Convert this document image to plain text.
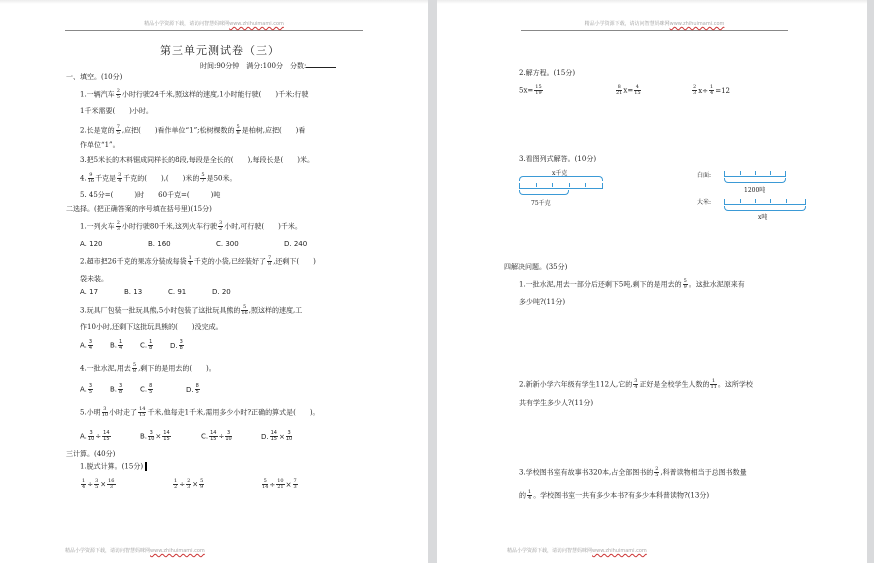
精品小学资源下载，请访问智慧妈咪网www.zhihuimami.com
第三单元测试卷（三）
时间:90分钟　满分:100分　分数:
一、填空。(10分)
1.一辆汽车 $\frac{2}{5}$ 小时行驶24千米,照这样的速度,1小时能行驶(　　)千米;行驶
1千米需要(　　)小时。
2.长是宽的 $\frac{7}{5}$ ,应把(　　)看作单位“1”;松树棵数的 $\frac{5}{8}$ 是柏树,应把(　　)看
作单位“1”。
3.把5米长的木料锯成同样长的8段,每段是全长的(　　),每段长是(　　)米。
4. $\frac{9}{16}$ 千克是 $\frac{3}{4}$ 千克的(　　),(　　)米的 $\frac{5}{7}$ 是50米。
5. 45分=(　　　)时　　60千克=(　　　)吨
二选择。(把正确答案的序号填在括号里)(15分)
1.一列火车 $\frac{2}{3}$ 小时行驶80千米,这列火车行驶 $\frac{3}{2}$ 小时,可行驶(　　)千米。
A. 120	B. 160	C. 300	D. 240
2.超市把26千克的果冻分装成每袋 $\frac{1}{4}$ 千克的小袋,已经装好了 $\frac{7}{8}$ ,还剩下(　　)
袋未装。
A. 17	B. 13	C. 91	D. 20
3.玩具厂包装一批玩具熊,5小时包装了这批玩具熊的 $\frac{5}{16}$ ,照这样的速度,工
作10小时,还剩下这批玩具熊的(　　)没完成。
A. $\frac{3}{4} B$. $\frac{1}{4} C$. $\frac{1}{8} D$. $\frac{3}{8}$
4.一批水泥,用去 $\frac{5}{8}$ ,剩下的是用去的(　　)。
A. $\frac{3}{5} B$. $\frac{3}{8} C$. $\frac{8}{5}$	D. $\frac{8}{5}$
5.小明 $\frac{3}{10}$ 小时走了 $\frac{14}{15}$ 千米,他每走1千米,需用多少小时?正确的算式是(　　)。
A. $\frac{3}{10} \div \frac{14}{15}$	B. $\frac{3}{10} \times \frac{14}{15}$	C. $\frac{14}{15} \div \frac{3}{10}$	D. $\frac{14}{15} \times \frac{3}{10}$
三计算。(40分)
1.脱式计算。(15分)
$\frac{1}{4} \div \frac{3}{5} \times \frac{16}{3}$	$\frac{1}{2} \div \frac{2}{3} \times \frac{5}{9}$	$\frac{5}{14} \div \frac{10}{21} \times \frac{7}{3}$
精品小学资源下载，请访问智慧妈咪网www.zhihuimami.com
精品小学资源下载，请访问智慧妈咪网www.zhihuimami.com
2.解方程。(15分)
$5x= \frac{15}{19}$	$\frac{8}{21} x= \frac{4}{15}$	$\frac{2}{3} x\div \frac{1}{4} =12$
3.看图列式解答。(10分)
x千克
75千克
白面:
1200吨
大米:
x吨
四解决问题。(35分)
1.一批水泥,用去一部分后还剩下5吨,剩下的是用去的 $\frac{5}{9}$ 。这批水泥原来有
多少吨?(11分)
2.新新小学六年级有学生112人,它的 $\frac{3}{4}$ 正好是全校学生人数的 $\frac{1}{11}$ 。这所学校
共有学生多少人?(11分)
3.学校图书室有故事书320本,占全部图书的 $\frac{2}{5}$ ,科普读物相当于总图书数量
的 $\frac{1}{4}$ 。学校图书室一共有多少本书?有多少本科普读物?(13分)
精品小学资源下载，请访问智慧妈咪网www.zhihuimami.com
